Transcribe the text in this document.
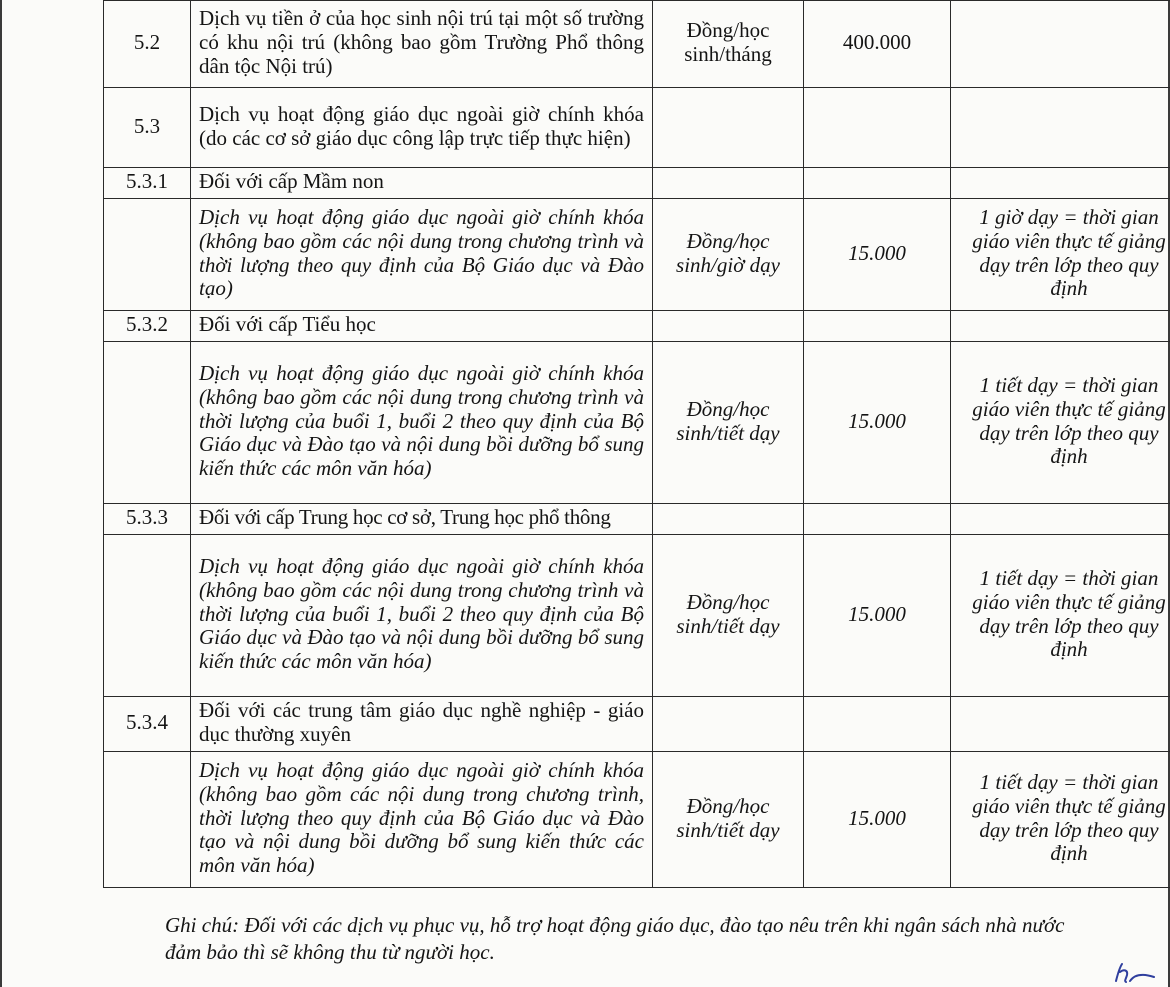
5.2	Dịch vụ tiền ở của học sinh nội trú tại một số trường có khu nội trú (không bao gồm Trường Phổ thông dân tộc Nội trú)	Đồng/học sinh/tháng	400.000	
5.3	Dịch vụ hoạt động giáo dục ngoài giờ chính khóa (do các cơ sở giáo dục công lập trực tiếp thực hiện)			
5.3.1	Đối với cấp Mầm non			
	Dịch vụ hoạt động giáo dục ngoài giờ chính khóa (không bao gồm các nội dung trong chương trình và thời lượng theo quy định của Bộ Giáo dục và Đào tạo)	Đồng/học sinh/giờ dạy	15.000	1 giờ dạy = thời gian giáo viên thực tế giảng dạy trên lớp theo quy định
5.3.2	Đối với cấp Tiểu học			
	Dịch vụ hoạt động giáo dục ngoài giờ chính khóa (không bao gồm các nội dung trong chương trình và thời lượng của buổi 1, buổi 2 theo quy định của Bộ Giáo dục và Đào tạo và nội dung bồi dưỡng bổ sung kiến thức các môn văn hóa)	Đồng/học sinh/tiết dạy	15.000	1 tiết dạy = thời gian giáo viên thực tế giảng dạy trên lớp theo quy định
5.3.3	Đối với cấp Trung học cơ sở, Trung học phổ thông			
	Dịch vụ hoạt động giáo dục ngoài giờ chính khóa (không bao gồm các nội dung trong chương trình và thời lượng của buổi 1, buổi 2 theo quy định của Bộ Giáo dục và Đào tạo và nội dung bồi dưỡng bổ sung kiến thức các môn văn hóa)	Đồng/học sinh/tiết dạy	15.000	1 tiết dạy = thời gian giáo viên thực tế giảng dạy trên lớp theo quy định
5.3.4	Đối với các trung tâm giáo dục nghề nghiệp - giáo dục thường xuyên			
	Dịch vụ hoạt động giáo dục ngoài giờ chính khóa (không bao gồm các nội dung trong chương trình, thời lượng theo quy định của Bộ Giáo dục và Đào tạo và nội dung bồi dưỡng bổ sung kiến thức các môn văn hóa)	Đồng/học sinh/tiết dạy	15.000	1 tiết dạy = thời gian giáo viên thực tế giảng dạy trên lớp theo quy định
Ghi chú: Đối với các dịch vụ phục vụ, hỗ trợ hoạt động giáo dục, đào tạo nêu trên khi ngân sách nhà nước đảm bảo thì sẽ không thu từ người học.
